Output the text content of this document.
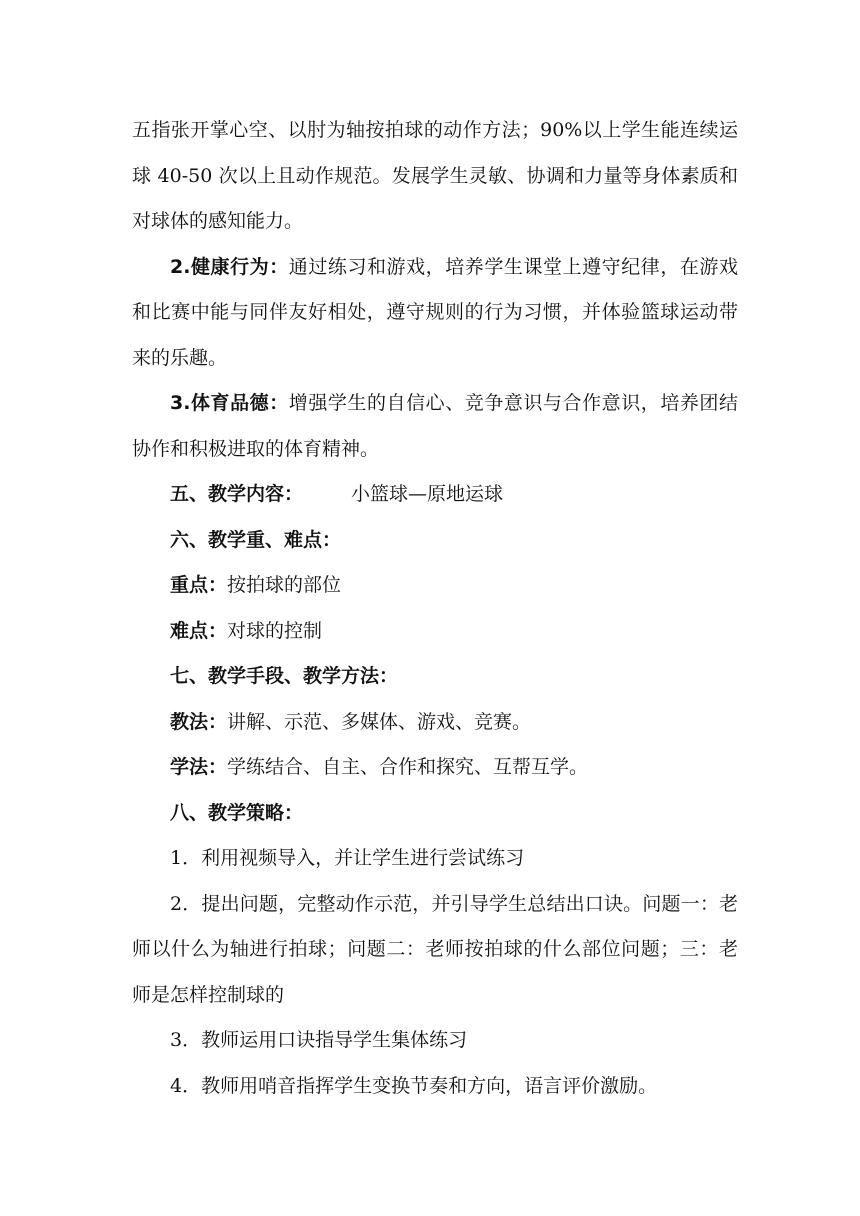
五指张开掌心空、以肘为轴按拍球的动作方法；90%以上学生能连续运球 40-50 次以上且动作规范。发展学生灵敏、协调和力量等身体素质和对球体的感知能力。

2.健康行为：通过练习和游戏，培养学生课堂上遵守纪律，在游戏和比赛中能与同伴友好相处，遵守规则的行为习惯，并体验篮球运动带来的乐趣。

3.体育品德：增强学生的自信心、竞争意识与合作意识，培养团结协作和积极进取的体育精神。

五、教学内容：	小篮球—原地运球

六、教学重、难点：

重点：按拍球的部位

难点：对球的控制

七、教学手段、教学方法：

教法：讲解、示范、多媒体、游戏、竞赛。

学法：学练结合、自主、合作和探究、互帮互学。

八、教学策略：

1．利用视频导入，并让学生进行尝试练习

2．提出问题，完整动作示范，并引导学生总结出口诀。问题一：老师以什么为轴进行拍球；问题二：老师按拍球的什么部位问题；三：老师是怎样控制球的

3．教师运用口诀指导学生集体练习

4．教师用哨音指挥学生变换节奏和方向，语言评价激励。
